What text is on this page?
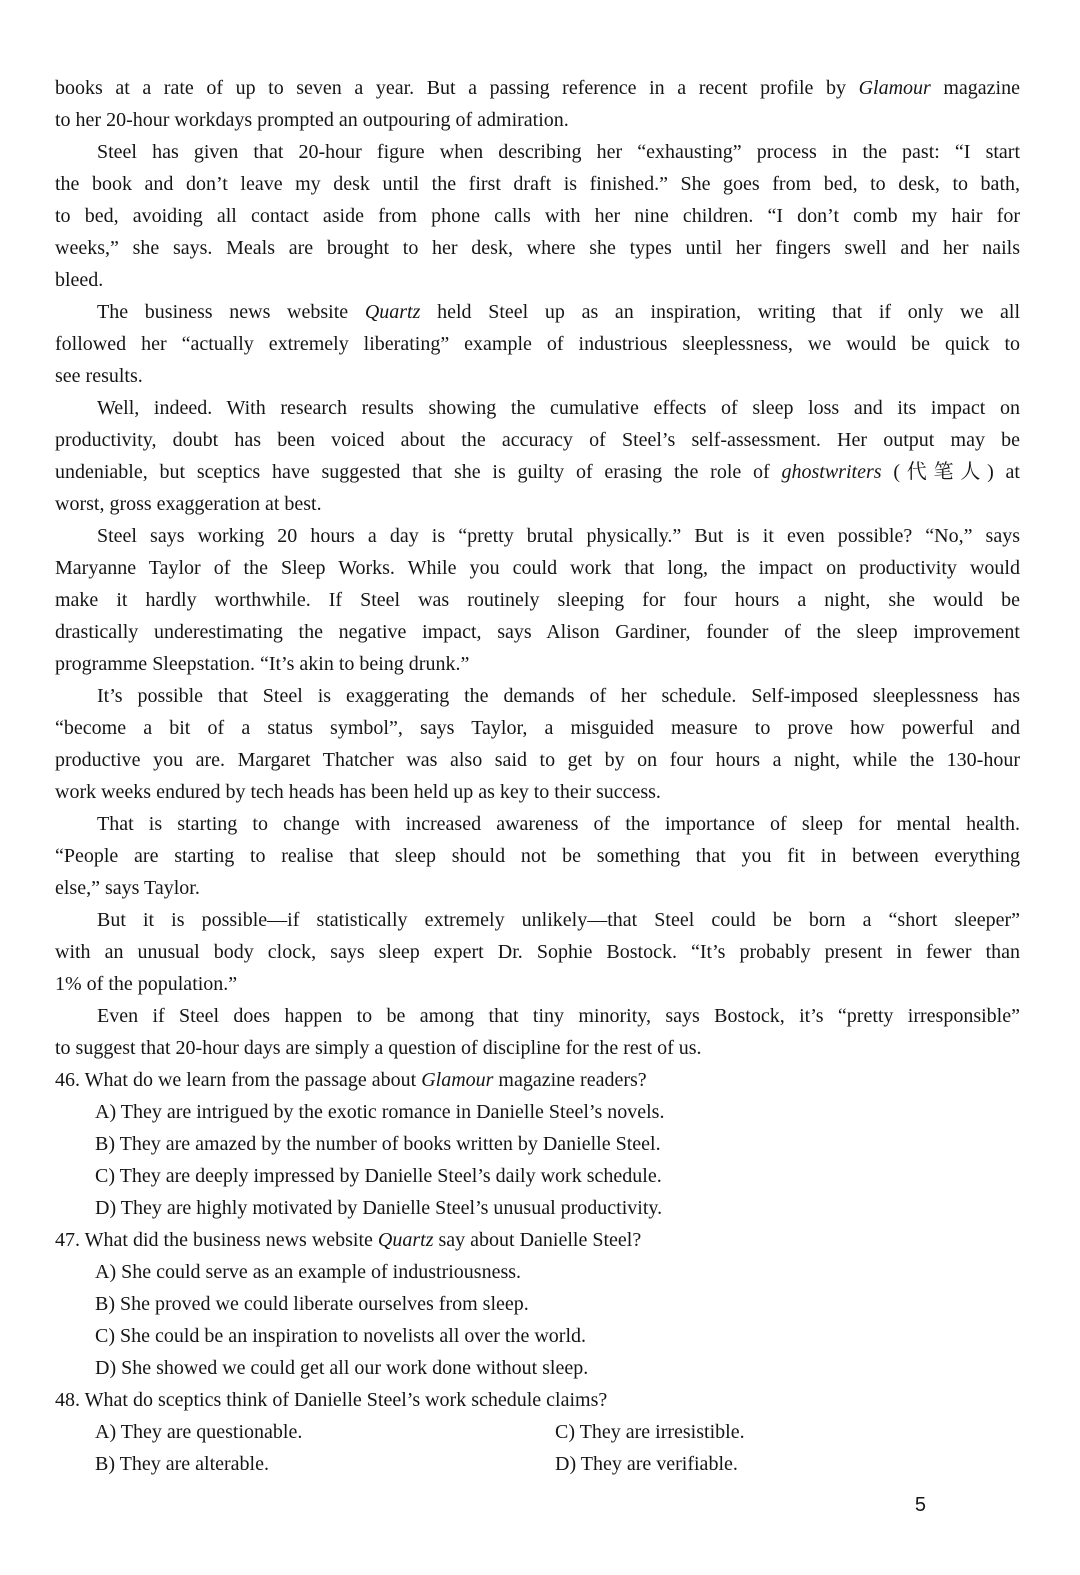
books at a rate of up to seven a year. But a passing reference in a recent profile by Glamour magazine
to her 20-hour workdays prompted an outpouring of admiration.
Steel has given that 20-hour figure when describing her “exhausting” process in the past: “I start
the book and don’t leave my desk until the first draft is finished.” She goes from bed, to desk, to bath,
to bed, avoiding all contact aside from phone calls with her nine children. “I don’t comb my hair for
weeks,” she says. Meals are brought to her desk, where she types until her fingers swell and her nails
bleed.
The business news website Quartz held Steel up as an inspiration, writing that if only we all
followed her “actually extremely liberating” example of industrious sleeplessness, we would be quick to
see results.
Well, indeed. With research results showing the cumulative effects of sleep loss and its impact on
productivity, doubt has been voiced about the accuracy of Steel’s self-assessment. Her output may be
undeniable, but sceptics have suggested that she is guilty of erasing the role of ghostwriters (代笔人) at
worst, gross exaggeration at best.
Steel says working 20 hours a day is “pretty brutal physically.” But is it even possible? “No,” says
Maryanne Taylor of the Sleep Works. While you could work that long, the impact on productivity would
make it hardly worthwhile. If Steel was routinely sleeping for four hours a night, she would be
drastically underestimating the negative impact, says Alison Gardiner, founder of the sleep improvement
programme Sleepstation. “It’s akin to being drunk.”
It’s possible that Steel is exaggerating the demands of her schedule. Self-imposed sleeplessness has
“become a bit of a status symbol”, says Taylor, a misguided measure to prove how powerful and
productive you are. Margaret Thatcher was also said to get by on four hours a night, while the 130-hour
work weeks endured by tech heads has been held up as key to their success.
That is starting to change with increased awareness of the importance of sleep for mental health.
“People are starting to realise that sleep should not be something that you fit in between everything
else,” says Taylor.
But it is possible—if statistically extremely unlikely—that Steel could be born a “short sleeper”
with an unusual body clock, says sleep expert Dr. Sophie Bostock. “It’s probably present in fewer than
1% of the population.”
Even if Steel does happen to be among that tiny minority, says Bostock, it’s “pretty irresponsible”
to suggest that 20-hour days are simply a question of discipline for the rest of us.
46. What do we learn from the passage about Glamour magazine readers?
A) They are intrigued by the exotic romance in Danielle Steel’s novels.
B) They are amazed by the number of books written by Danielle Steel.
C) They are deeply impressed by Danielle Steel’s daily work schedule.
D) They are highly motivated by Danielle Steel’s unusual productivity.
47. What did the business news website Quartz say about Danielle Steel?
A) She could serve as an example of industriousness.
B) She proved we could liberate ourselves from sleep.
C) She could be an inspiration to novelists all over the world.
D) She showed we could get all our work done without sleep.
48. What do sceptics think of Danielle Steel’s work schedule claims?
A) They are questionable.	C) They are irresistible.
B) They are alterable.	D) They are verifiable.
5
